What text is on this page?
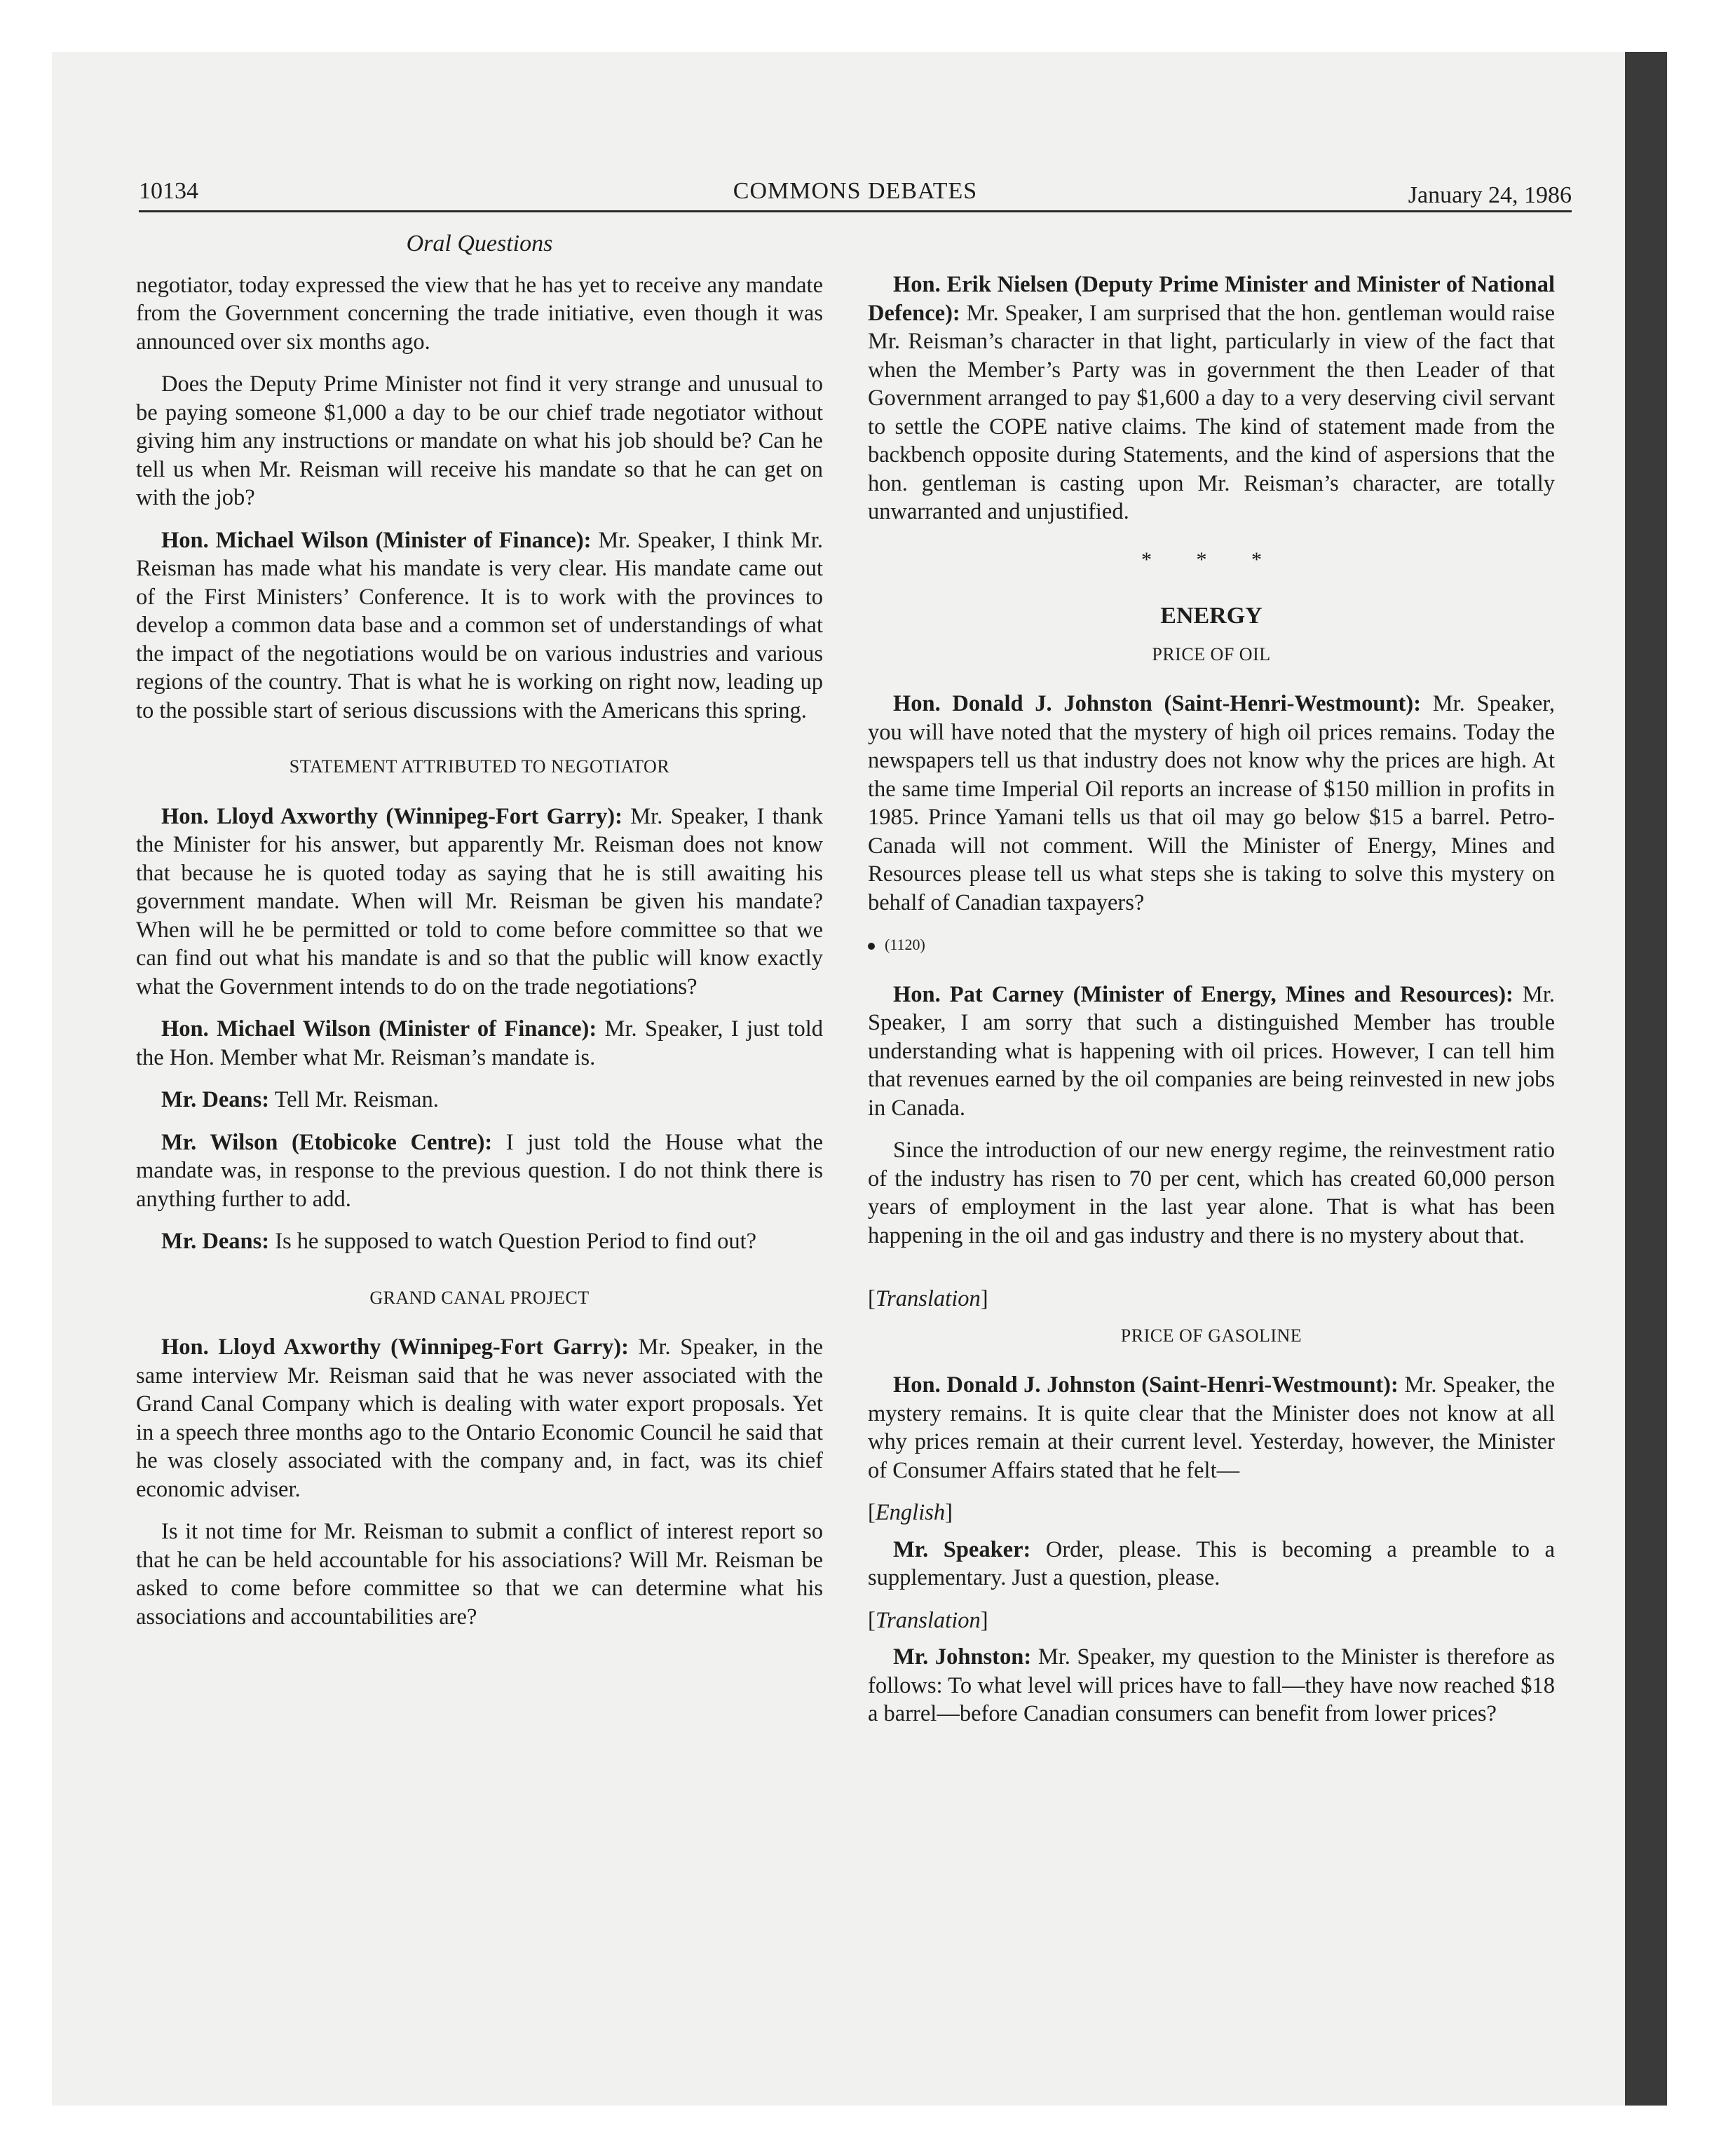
10134	COMMONS DEBATES	January 24, 1986
Oral Questions

negotiator, today expressed the view that he has yet to receive any mandate from the Government concerning the trade initiative, even though it was announced over six months ago.

Does the Deputy Prime Minister not find it very strange and unusual to be paying someone $1,000 a day to be our chief trade negotiator without giving him any instructions or mandate on what his job should be? Can he tell us when Mr. Reisman will receive his mandate so that he can get on with the job?

Hon. Michael Wilson (Minister of Finance): Mr. Speaker, I think Mr. Reisman has made what his mandate is very clear. His mandate came out of the First Ministers’ Conference. It is to work with the provinces to develop a common data base and a common set of understandings of what the impact of the negotiations would be on various industries and various regions of the country. That is what he is working on right now, leading up to the possible start of serious discussions with the Americans this spring.

STATEMENT ATTRIBUTED TO NEGOTIATOR

Hon. Lloyd Axworthy (Winnipeg-Fort Garry): Mr. Speaker, I thank the Minister for his answer, but apparently Mr. Reisman does not know that because he is quoted today as saying that he is still awaiting his government mandate. When will Mr. Reisman be given his mandate? When will he be permitted or told to come before committee so that we can find out what his mandate is and so that the public will know exactly what the Government intends to do on the trade negotiations?

Hon. Michael Wilson (Minister of Finance): Mr. Speaker, I just told the Hon. Member what Mr. Reisman’s mandate is.

Mr. Deans: Tell Mr. Reisman.

Mr. Wilson (Etobicoke Centre): I just told the House what the mandate was, in response to the previous question. I do not think there is anything further to add.

Mr. Deans: Is he supposed to watch Question Period to find out?

GRAND CANAL PROJECT

Hon. Lloyd Axworthy (Winnipeg-Fort Garry): Mr. Speaker, in the same interview Mr. Reisman said that he was never associated with the Grand Canal Company which is dealing with water export proposals. Yet in a speech three months ago to the Ontario Economic Council he said that he was closely associated with the company and, in fact, was its chief economic adviser.

Is it not time for Mr. Reisman to submit a conflict of interest report so that he can be held accountable for his associations? Will Mr. Reisman be asked to come before committee so that we can determine what his associations and accountabilities are?

Hon. Erik Nielsen (Deputy Prime Minister and Minister of National Defence): Mr. Speaker, I am surprised that the hon. gentleman would raise Mr. Reisman’s character in that light, particularly in view of the fact that when the Member’s Party was in government the then Leader of that Government arranged to pay $1,600 a day to a very deserving civil servant to settle the COPE native claims. The kind of statement made from the backbench opposite during Statements, and the kind of aspersions that the hon. gentleman is casting upon Mr. Reisman’s character, are totally unwarranted and unjustified.

* * *
ENERGY
PRICE OF OIL

Hon. Donald J. Johnston (Saint-Henri-Westmount): Mr. Speaker, you will have noted that the mystery of high oil prices remains. Today the newspapers tell us that industry does not know why the prices are high. At the same time Imperial Oil reports an increase of $150 million in profits in 1985. Prince Yamani tells us that oil may go below $15 a barrel. Petro-Canada will not comment. Will the Minister of Energy, Mines and Resources please tell us what steps she is taking to solve this mystery on behalf of Canadian taxpayers?

(1120)

Hon. Pat Carney (Minister of Energy, Mines and Resources): Mr. Speaker, I am sorry that such a distinguished Member has trouble understanding what is happening with oil prices. However, I can tell him that revenues earned by the oil companies are being reinvested in new jobs in Canada.

Since the introduction of our new energy regime, the reinvestment ratio of the industry has risen to 70 per cent, which has created 60,000 person years of employment in the last year alone. That is what has been happening in the oil and gas industry and there is no mystery about that.

[Translation]
PRICE OF GASOLINE

Hon. Donald J. Johnston (Saint-Henri-Westmount): Mr. Speaker, the mystery remains. It is quite clear that the Minister does not know at all why prices remain at their current level. Yesterday, however, the Minister of Consumer Affairs stated that he felt—

[English]

Mr. Speaker: Order, please. This is becoming a preamble to a supplementary. Just a question, please.

[Translation]

Mr. Johnston: Mr. Speaker, my question to the Minister is therefore as follows: To what level will prices have to fall—they have now reached $18 a barrel—before Canadian consumers can benefit from lower prices?
